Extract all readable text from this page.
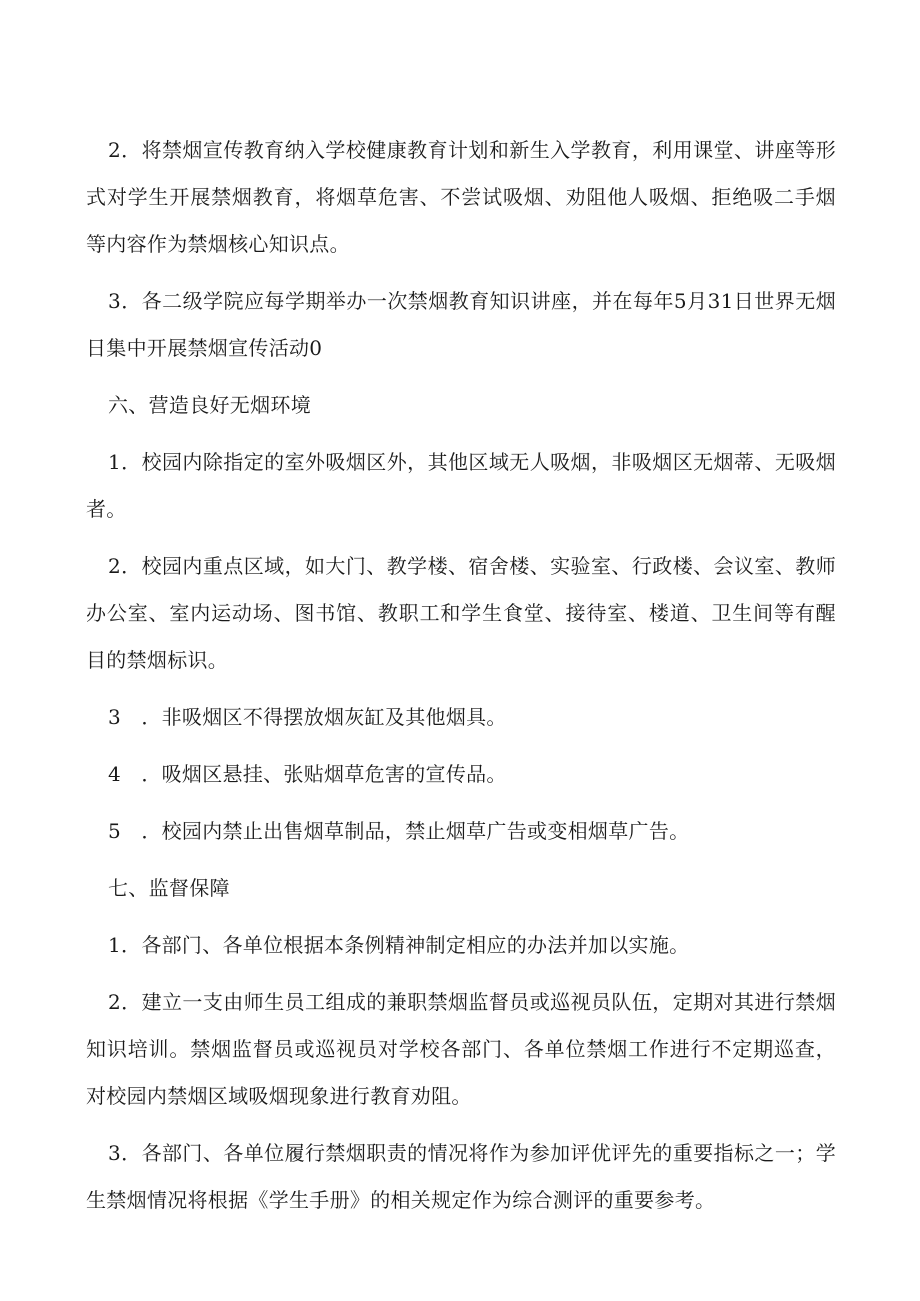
2．将禁烟宣传教育纳入学校健康教育计划和新生入学教育，利用课堂、讲座等形式对学生开展禁烟教育，将烟草危害、不尝试吸烟、劝阻他人吸烟、拒绝吸二手烟等内容作为禁烟核心知识点。

3．各二级学院应每学期举办一次禁烟教育知识讲座，并在每年5月31日世界无烟日集中开展禁烟宣传活动0

六、营造良好无烟环境

1．校园内除指定的室外吸烟区外，其他区域无人吸烟，非吸烟区无烟蒂、无吸烟者。

2．校园内重点区域，如大门、教学楼、宿舍楼、实验室、行政楼、会议室、教师办公室、室内运动场、图书馆、教职工和学生食堂、接待室、楼道、卫生间等有醒目的禁烟标识。

3　．非吸烟区不得摆放烟灰缸及其他烟具。

4　．吸烟区悬挂、张贴烟草危害的宣传品。

5　．校园内禁止出售烟草制品，禁止烟草广告或变相烟草广告。

七、监督保障

1．各部门、各单位根据本条例精神制定相应的办法并加以实施。

2．建立一支由师生员工组成的兼职禁烟监督员或巡视员队伍，定期对其进行禁烟知识培训。禁烟监督员或巡视员对学校各部门、各单位禁烟工作进行不定期巡查，对校园内禁烟区域吸烟现象进行教育劝阻。

3．各部门、各单位履行禁烟职责的情况将作为参加评优评先的重要指标之一；学生禁烟情况将根据《学生手册》的相关规定作为综合测评的重要参考。
